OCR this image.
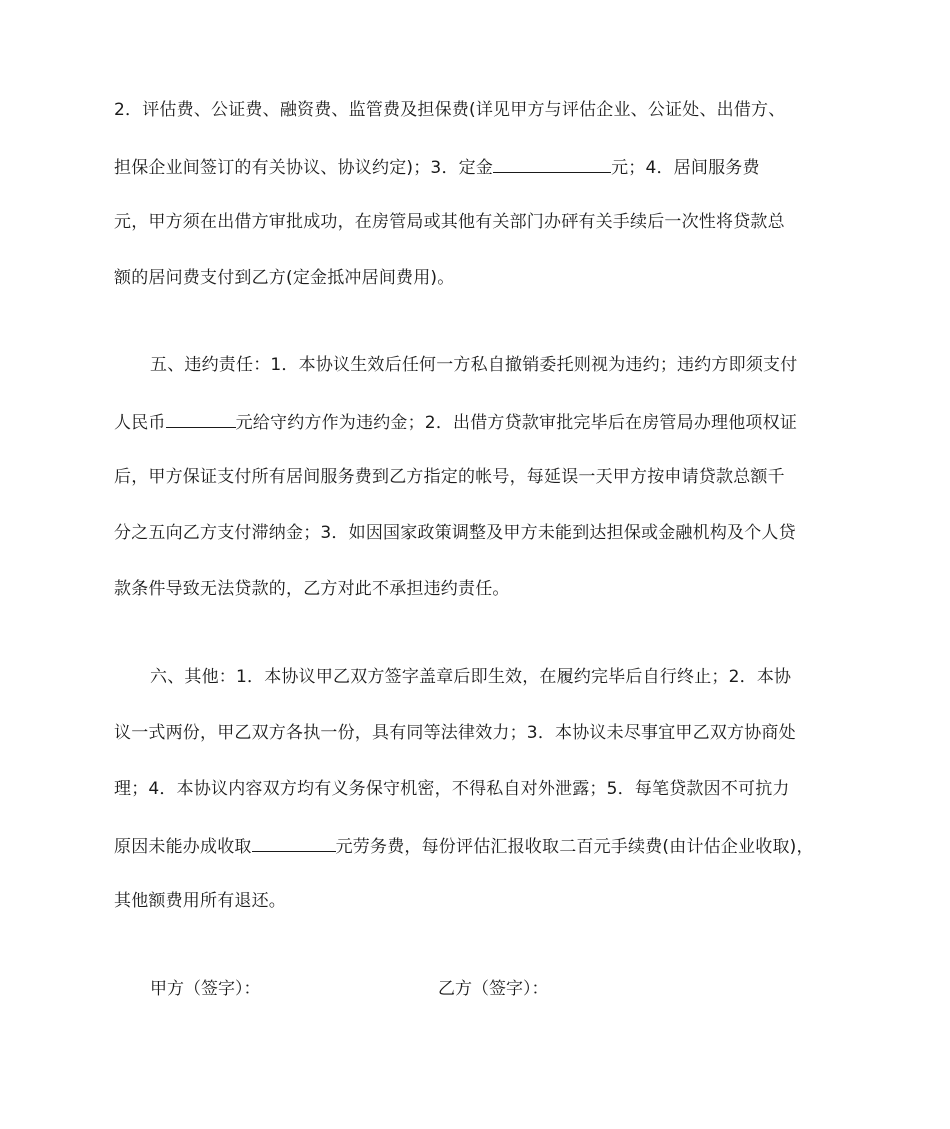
2．评估费、公证费、融资费、监管费及担保费(详见甲方与评估企业、公证处、出借方、
担保企业间签订的有关协议、协议约定)；3．定金	元；4．居间服务费
元，甲方须在出借方审批成功，在房管局或其他有关部门办砰有关手续后一次性将贷款总
额的居问费支付到乙方(定金抵冲居间费用)。
五、违约责任：1．本协议生效后任何一方私自撤销委托则视为违约；违约方即须支付
人民币	元给守约方作为违约金；2．出借方贷款审批完毕后在房管局办理他项权证
后，甲方保证支付所有居间服务费到乙方指定的帐号，每延误一天甲方按申请贷款总额千
分之五向乙方支付滞纳金；3．如因国家政策调整及甲方未能到达担保或金融机构及个人贷
款条件导致无法贷款的，乙方对此不承担违约责任。
六、其他：1．本协议甲乙双方签字盖章后即生效，在履约完毕后自行终止；2．本协
议一式两份，甲乙双方各执一份，具有同等法律效力；3．本协议未尽事宜甲乙双方协商处
理；4．本协议内容双方均有义务保守机密，不得私自对外泄露；5．每笔贷款因不可抗力
原因未能办成收取	元劳务费，每份评估汇报收取二百元手续费(由计估企业收取)，
其他额费用所有退还。
甲方（签字）：	乙方（签字）：
